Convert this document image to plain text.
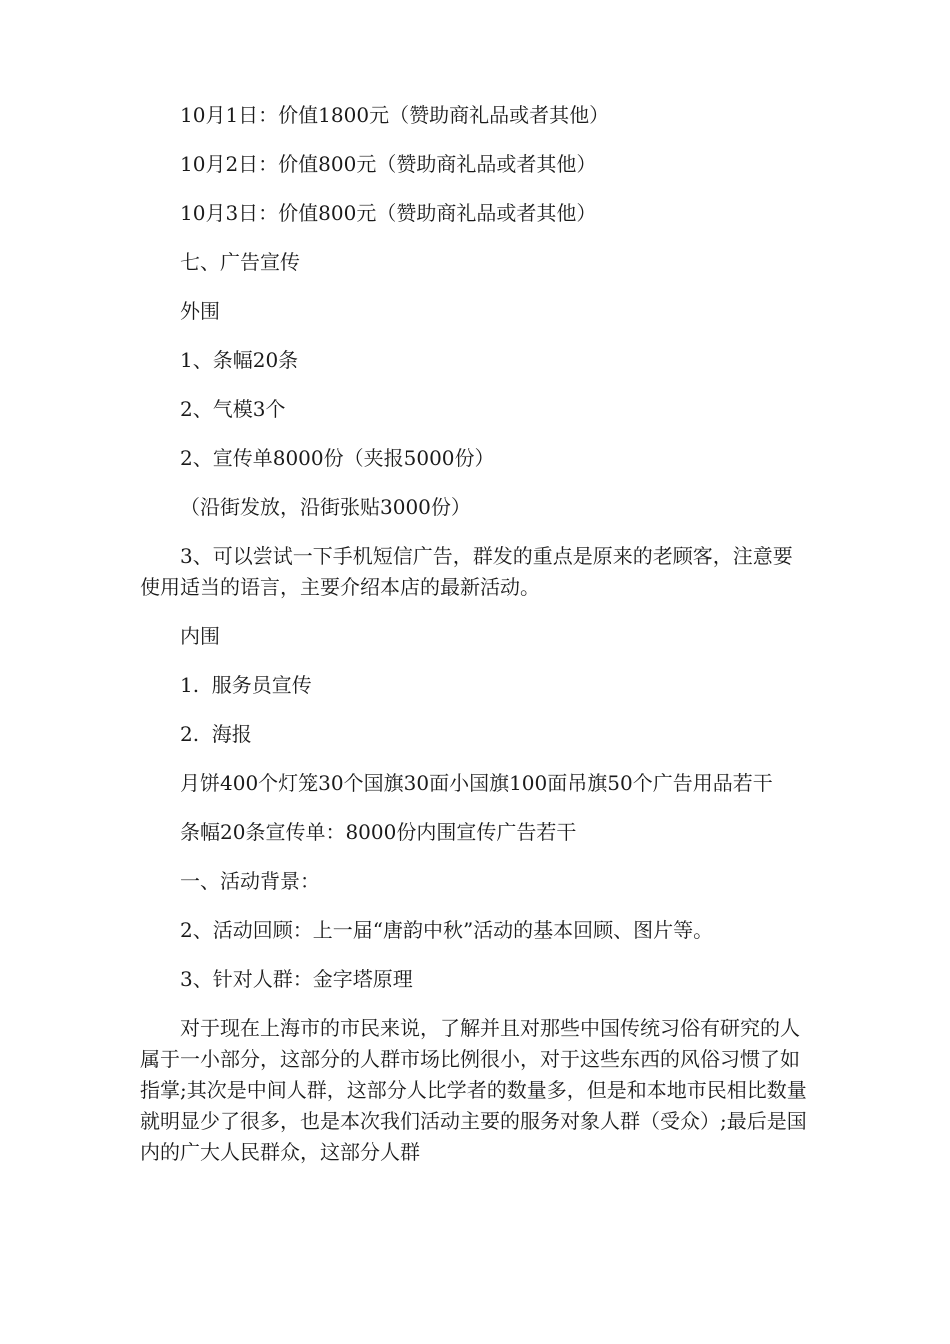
10月1日：价值1800元（赞助商礼品或者其他）

10月2日：价值800元（赞助商礼品或者其他）

10月3日：价值800元（赞助商礼品或者其他）

七、广告宣传

外围

1、条幅20条

2、气模3个

2、宣传单8000份（夹报5000份）

（沿街发放，沿街张贴3000份）

3、可以尝试一下手机短信广告，群发的重点是原来的老顾客，注意要使用适当的语言，主要介绍本店的最新活动。

内围

1.  服务员宣传

2.  海报

月饼400个灯笼30个国旗30面小国旗100面吊旗50个广告用品若干

条幅20条宣传单：8000份内围宣传广告若干

一、活动背景：

2、活动回顾：上一届“唐韵中秋”活动的基本回顾、图片等。

3、针对人群：金字塔原理

对于现在上海市的市民来说，了解并且对那些中国传统习俗有研究的人属于一小部分，这部分的人群市场比例很小，对于这些东西的风俗习惯了如指掌;其次是中间人群，这部分人比学者的数量多，但是和本地市民相比数量就明显少了很多，也是本次我们活动主要的服务对象人群（受众）;最后是国内的广大人民群众，这部分人群
